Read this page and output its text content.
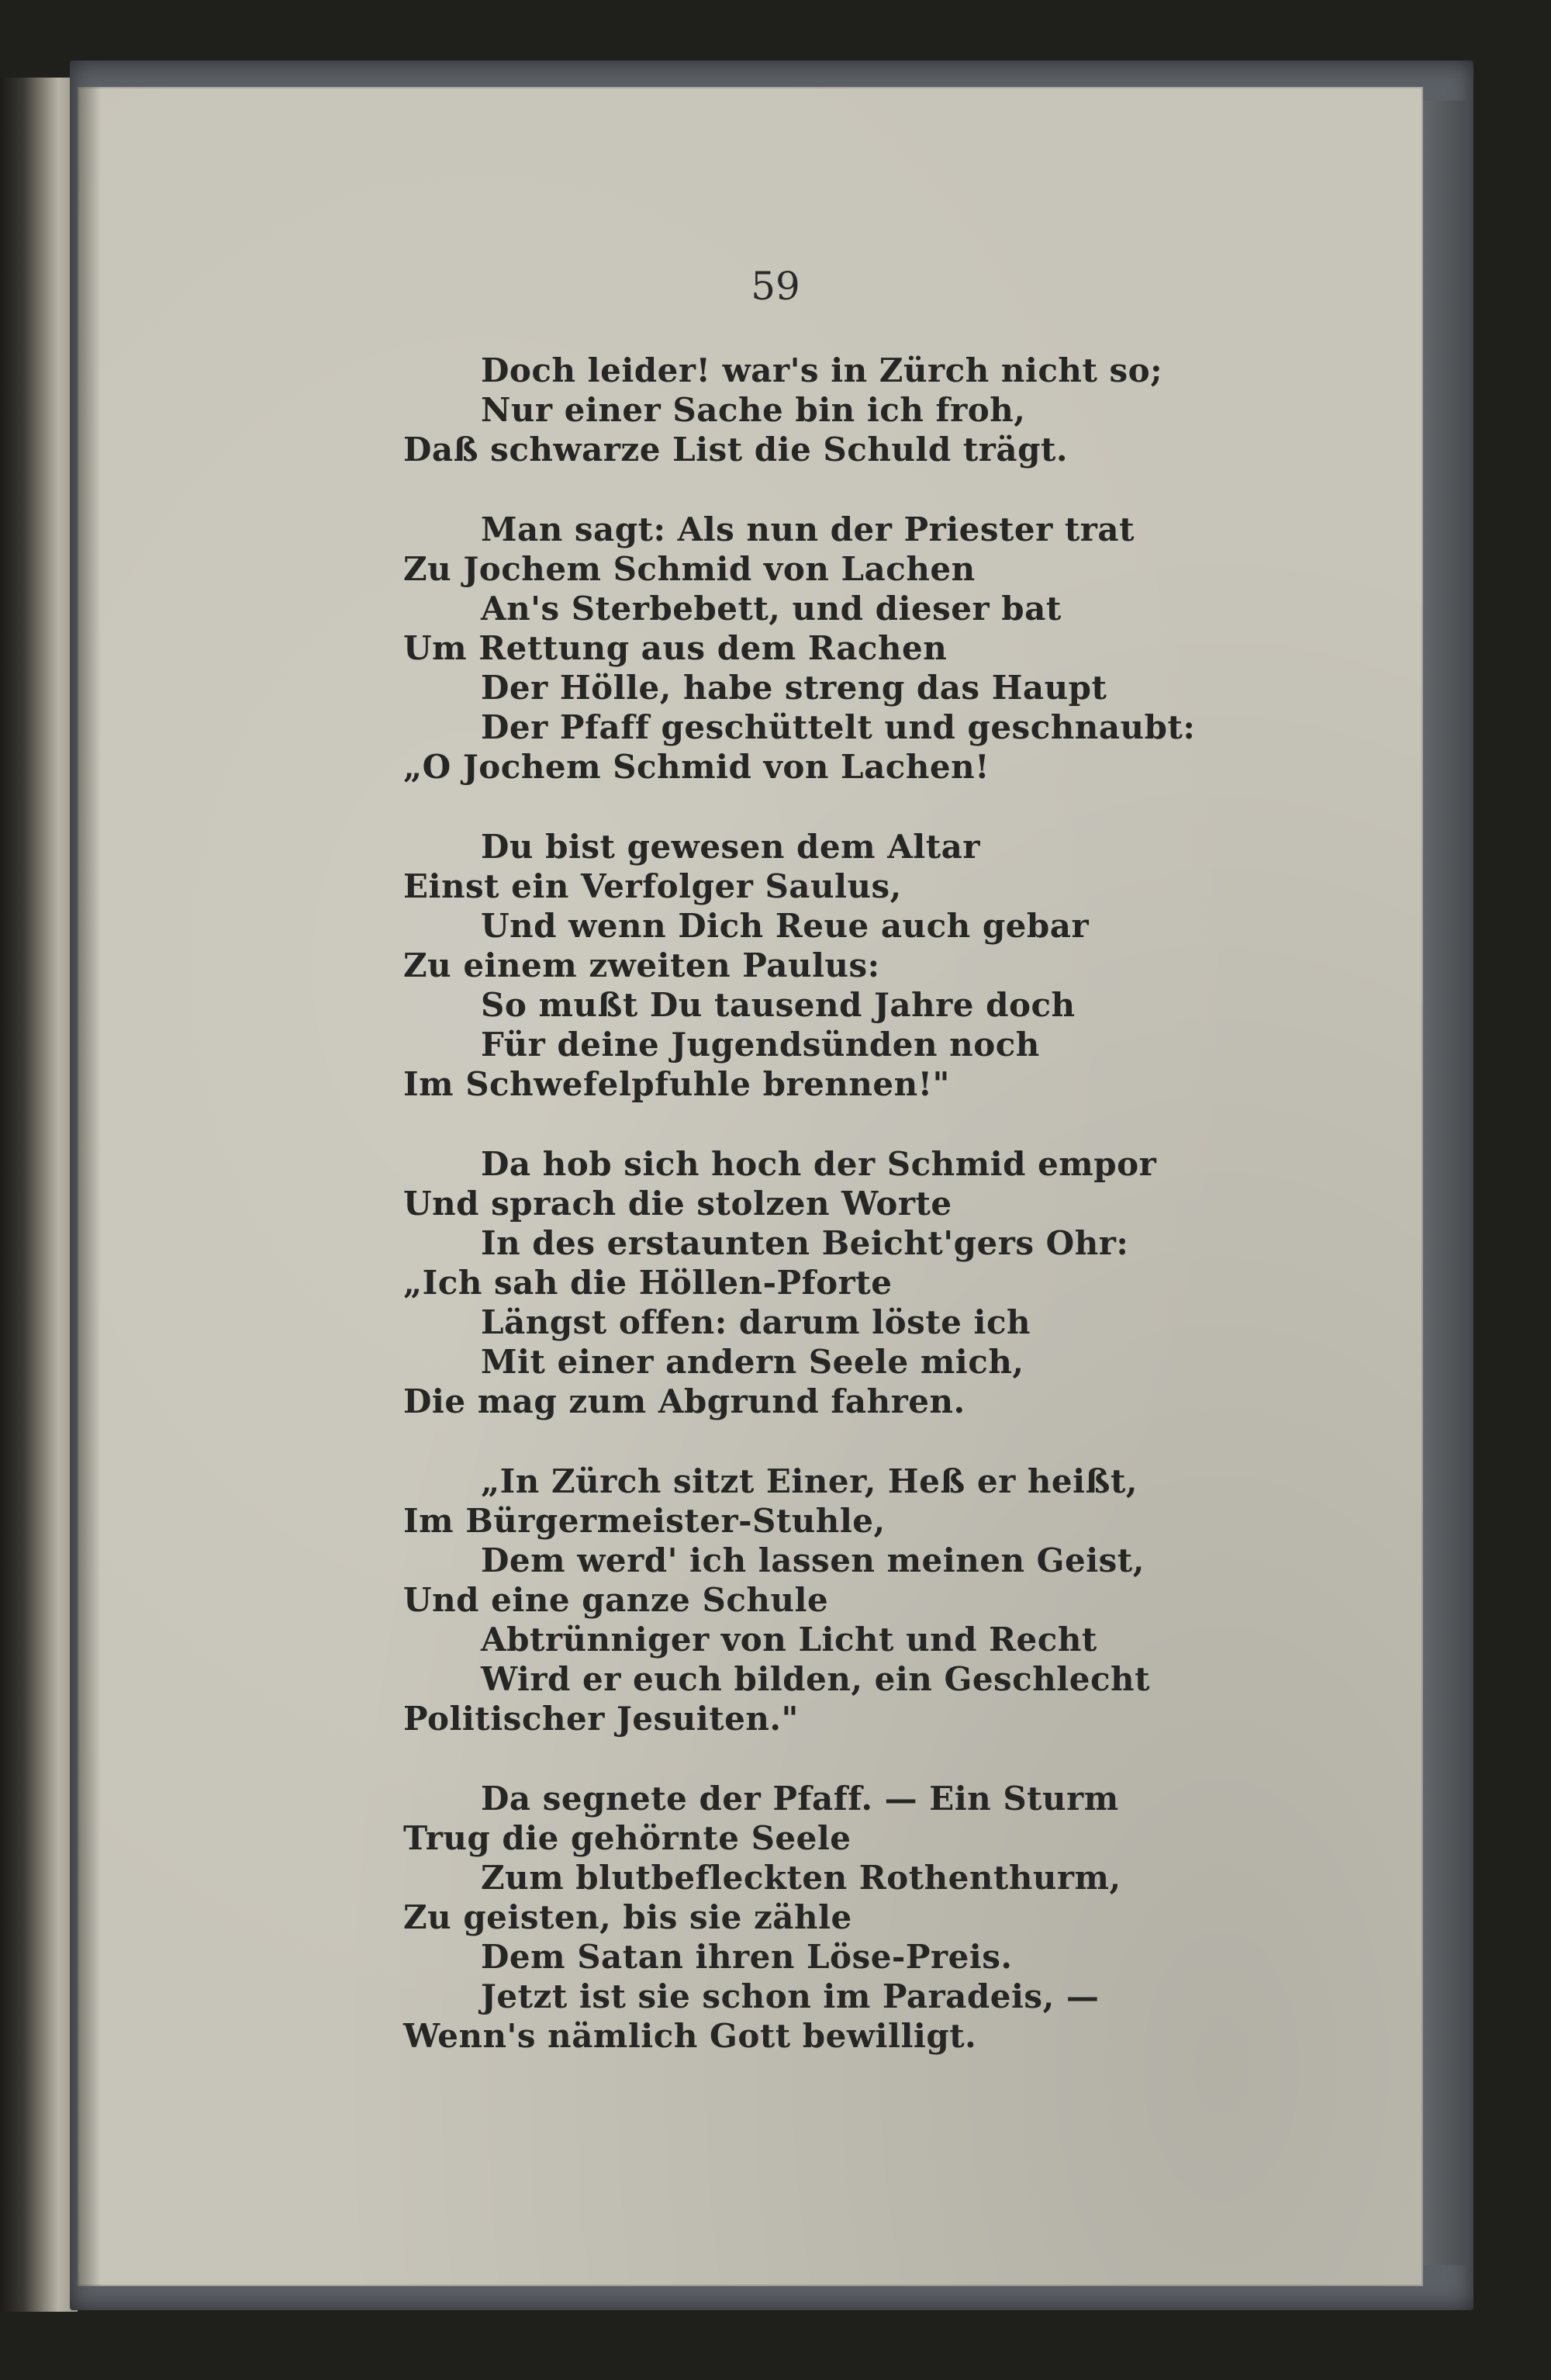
59
Doch leider! war's in Zürch nicht so;
Nur einer Sache bin ich froh,
Daß schwarze List die Schuld trägt.
Man sagt: Als nun der Priester trat
Zu Jochem Schmid von Lachen
An's Sterbebett, und dieser bat
Um Rettung aus dem Rachen
Der Hölle, habe streng das Haupt
Der Pfaff geschüttelt und geschnaubt:
„O Jochem Schmid von Lachen!
Du bist gewesen dem Altar
Einst ein Verfolger Saulus,
Und wenn Dich Reue auch gebar
Zu einem zweiten Paulus:
So mußt Du tausend Jahre doch
Für deine Jugendsünden noch
Im Schwefelpfuhle brennen!"
Da hob sich hoch der Schmid empor
Und sprach die stolzen Worte
In des erstaunten Beicht'gers Ohr:
„Ich sah die Höllen-Pforte
Längst offen: darum löste ich
Mit einer andern Seele mich,
Die mag zum Abgrund fahren.
„In Zürch sitzt Einer, Heß er heißt,
Im Bürgermeister-Stuhle,
Dem werd' ich lassen meinen Geist,
Und eine ganze Schule
Abtrünniger von Licht und Recht
Wird er euch bilden, ein Geschlecht
Politischer Jesuiten."
Da segnete der Pfaff. — Ein Sturm
Trug die gehörnte Seele
Zum blutbefleckten Rothenthurm,
Zu geisten, bis sie zähle
Dem Satan ihren Löse-Preis.
Jetzt ist sie schon im Paradeis, —
Wenn's nämlich Gott bewilligt.
